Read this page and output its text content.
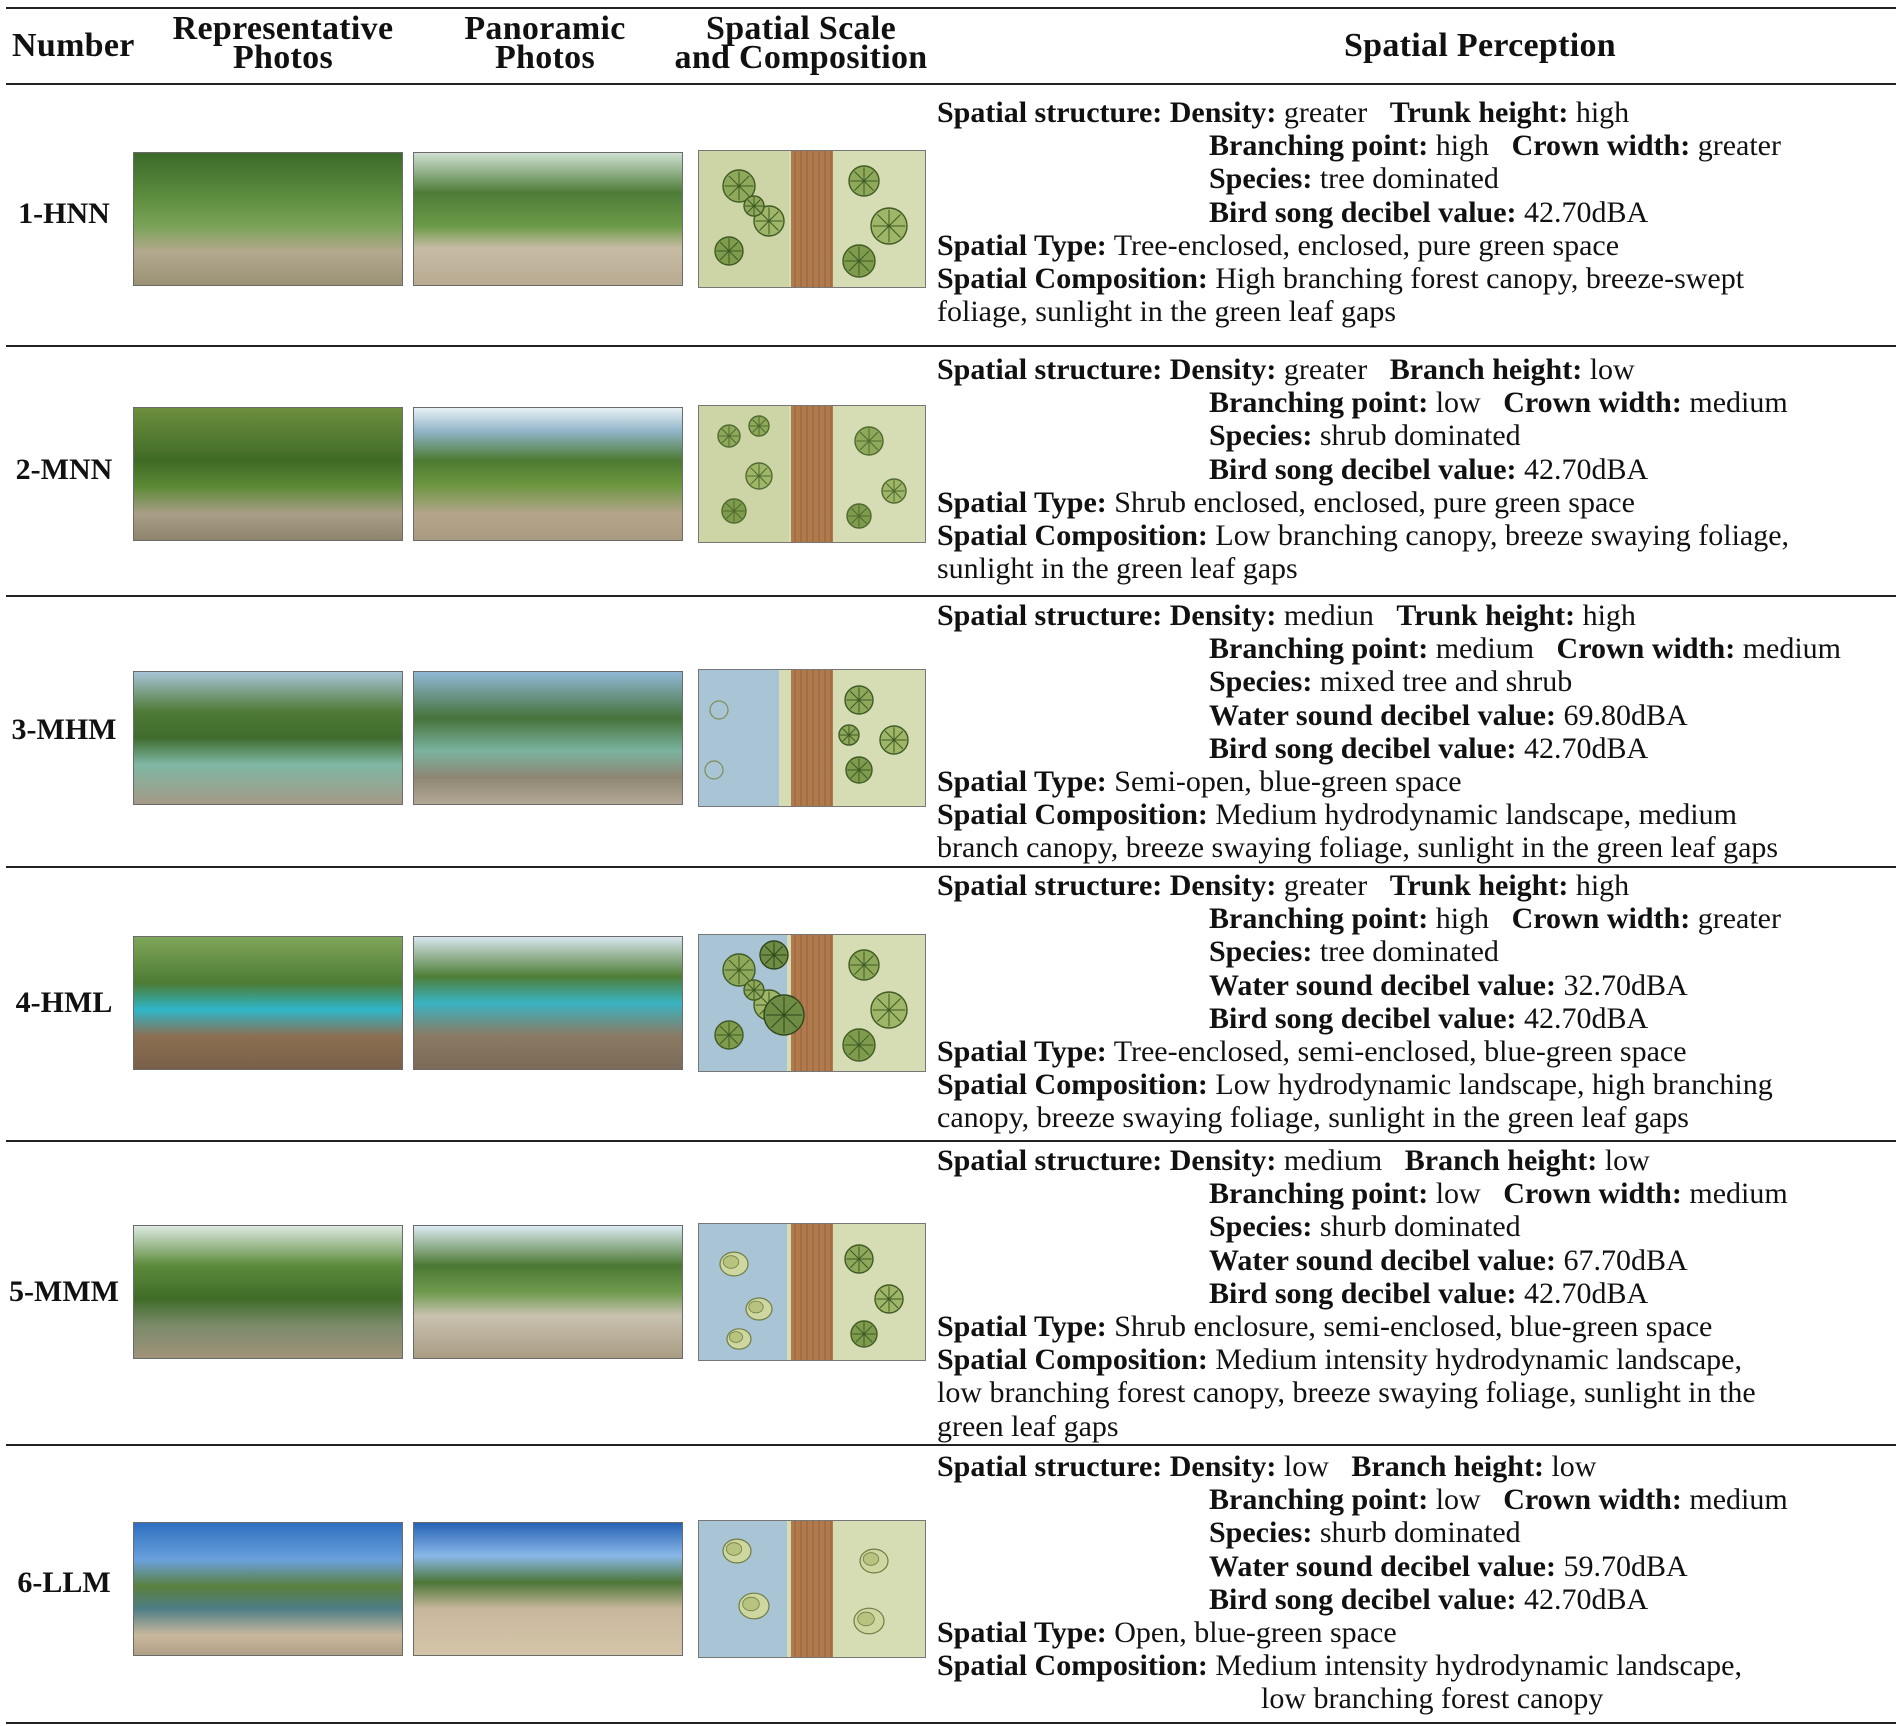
Number	Representative
Photos
Panoramic
Photos
Spatial Scale
and Composition	Spatial Perception
1-HNN
Spatial structure: Density: greater Trunk height: high
Branching point: high Crown width: greater
Species: tree dominated
Bird song decibel value: 42.70dBA
Spatial Type: Tree-enclosed, enclosed, pure green space
Spatial Composition: High branching forest canopy, breeze-swept
foliage, sunlight in the green leaf gaps
2-MNN
Spatial structure: Density: greater Branch height: low
Branching point: low Crown width: medium
Species: shrub dominated
Bird song decibel value: 42.70dBA
Spatial Type: Shrub enclosed, enclosed, pure green space
Spatial Composition: Low branching canopy, breeze swaying foliage,
sunlight in the green leaf gaps
3-MHM
Spatial structure: Density: mediun Trunk height: high
Branching point: medium Crown width: medium
Species: mixed tree and shrub
Water sound decibel value: 69.80dBA
Bird song decibel value: 42.70dBA
Spatial Type: Semi-open, blue-green space
Spatial Composition: Medium hydrodynamic landscape, medium
branch canopy, breeze swaying foliage, sunlight in the green leaf gaps
4-HML
Spatial structure: Density: greater Trunk height: high
Branching point: high Crown width: greater
Species: tree dominated
Water sound decibel value: 32.70dBA
Bird song decibel value: 42.70dBA
Spatial Type: Tree-enclosed, semi-enclosed, blue-green space
Spatial Composition: Low hydrodynamic landscape, high branching
canopy, breeze swaying foliage, sunlight in the green leaf gaps
5-MMM
Spatial structure: Density: medium Branch height: low
Branching point: low Crown width: medium
Species: shurb dominated
Water sound decibel value: 67.70dBA
Bird song decibel value: 42.70dBA
Spatial Type: Shrub enclosure, semi-enclosed, blue-green space
Spatial Composition: Medium intensity hydrodynamic landscape,
low branching forest canopy, breeze swaying foliage, sunlight in the
green leaf gaps
6-LLM
Spatial structure: Density: low Branch height: low
Branching point: low Crown width: medium
Species: shurb dominated
Water sound decibel value: 59.70dBA
Bird song decibel value: 42.70dBA
Spatial Type: Open, blue-green space
Spatial Composition: Medium intensity hydrodynamic landscape,
low branching forest canopy
